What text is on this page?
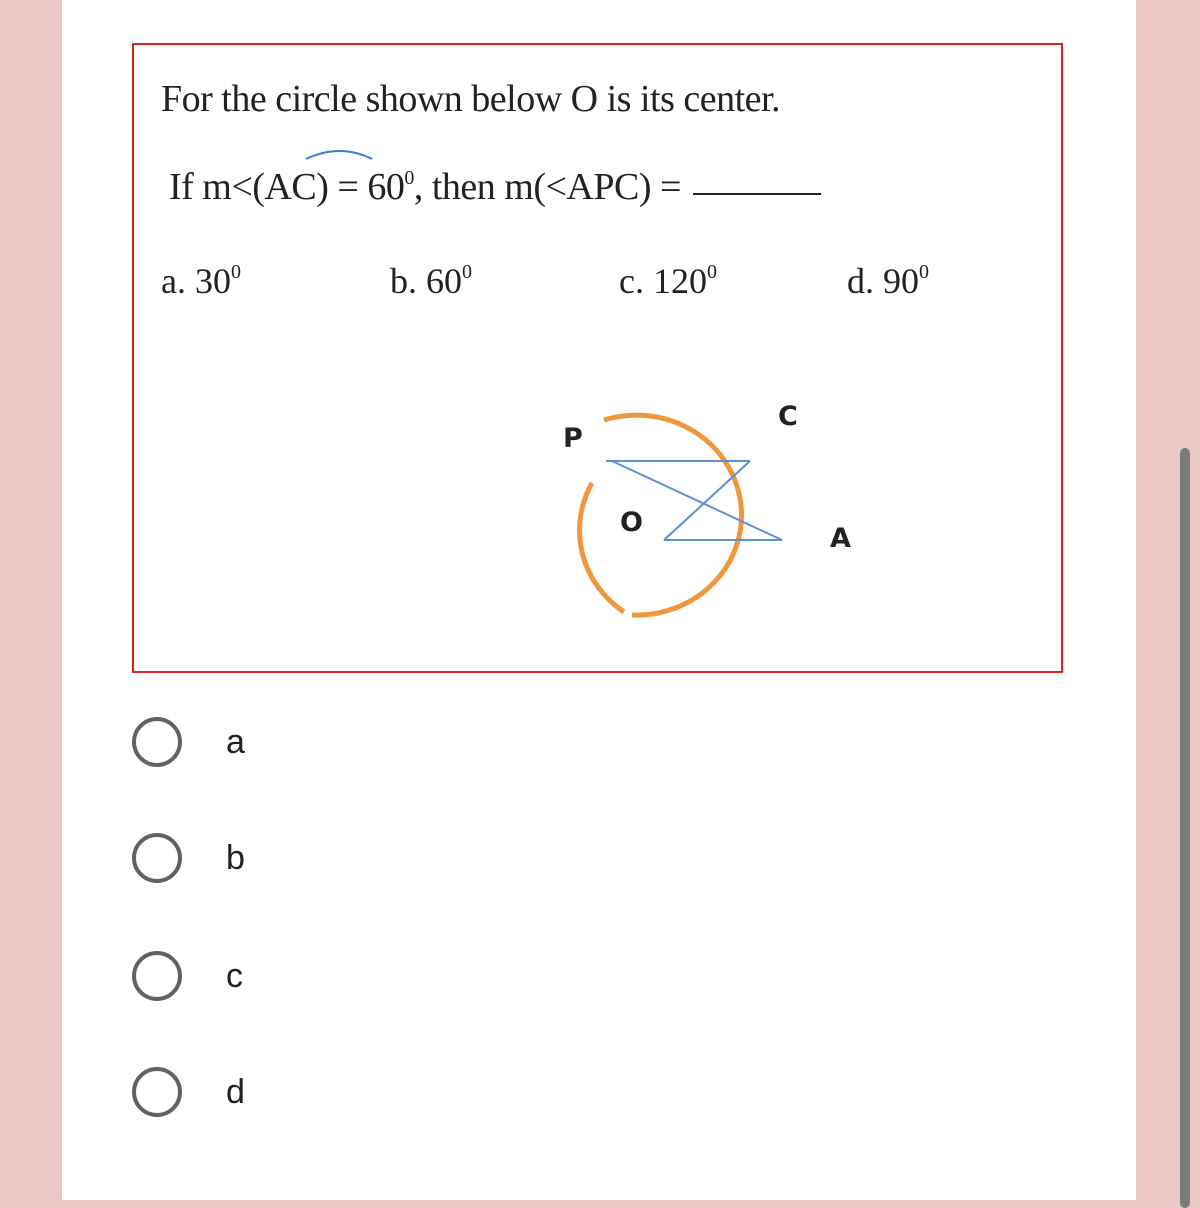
For the circle shown below O is its center.
If $m<(AC) = 60^0$, then m(<APC) =
a. $30^0$	b. $60^0$	c. $120^0$	d. $90^0$
P
C
O
A
a
b
c
d
